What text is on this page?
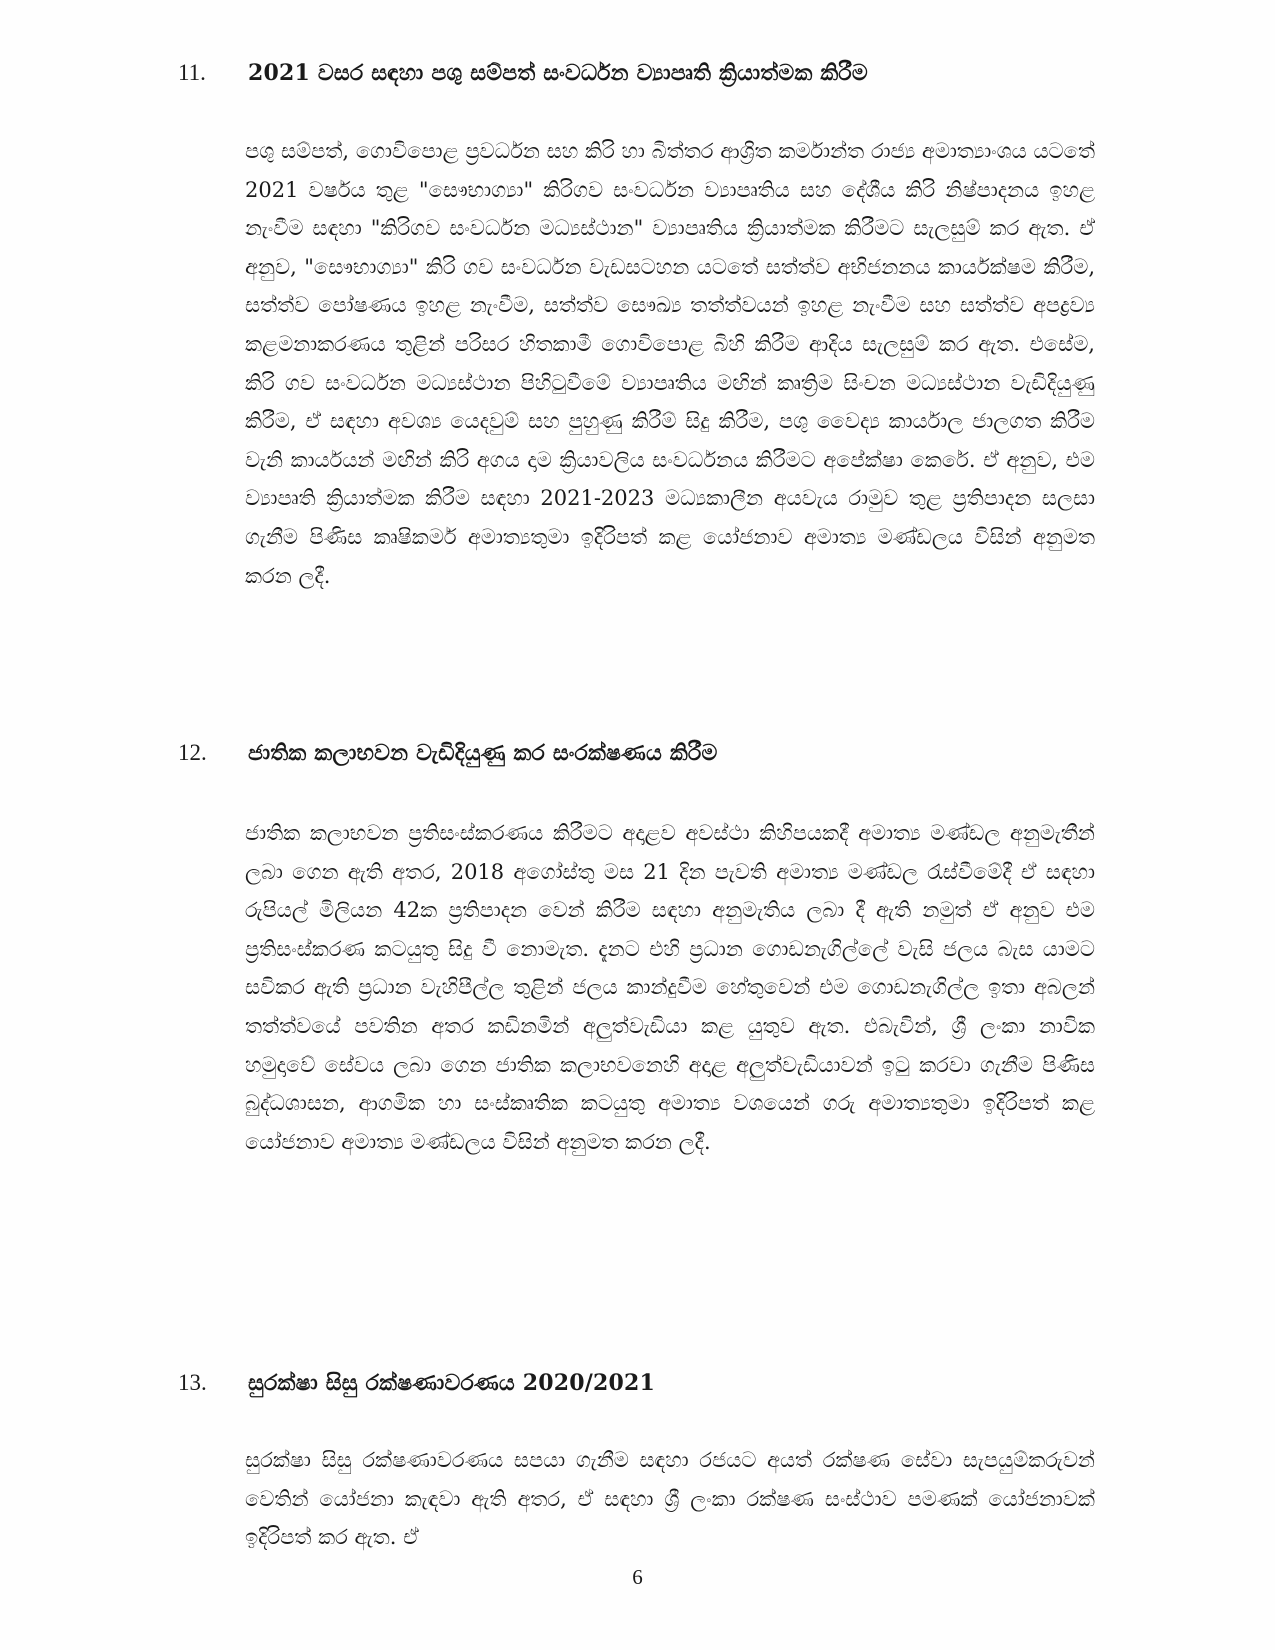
11.	2021 වසර සඳහා පශු සම්පත් සංවර්ධන ව්‍යාපෘති ක්‍රියාත්මක කිරීම

පශු සම්පත්, ගොවිපොළ ප්‍රවර්ධන සහ කිරි හා බිත්තර ආශ්‍රිත කර්මාන්ත රාජ්‍ය අමාත්‍යාංශය යටතේ 2021 වර්ෂය තුළ "සෞභාග්‍යා" කිරිගව සංවර්ධන ව්‍යාපෘතිය සහ දේශීය කිරි නිෂ්පාදනය ඉහළ නැංවීම සඳහා "කිරිගව සංවර්ධන මධ්‍යස්ථාන" ව්‍යාපෘතිය ක්‍රියාත්මක කිරීමට සැලසුම් කර ඇත. ඒ අනුව, "සෞභාග්‍යා" කිරි ගව සංවර්ධන වැඩසටහන යටතේ සත්ත්ව අභිජනනය කාර්යක්ෂම කිරීම, සත්ත්ව පෝෂණය ඉහළ නැංවීම, සත්ත්ව සෞඛ්‍ය තත්ත්වයන් ඉහළ නැංවීම සහ සත්ත්ව අපද්‍රව්‍ය කළමනාකරණය තුළින් පරිසර හිතකාමී ගොවිපොළ බිහි කිරීම ආදිය සැලසුම් කර ඇත. එසේම, කිරි ගව සංවර්ධන මධ්‍යස්ථාන පිහිටුවීමේ ව්‍යාපෘතිය මඟින් කෘත්‍රිම සිංචන මධ්‍යස්ථාන වැඩිදියුණු කිරීම, ඒ සඳහා අවශ්‍ය යෙදවුම් සහ පුහුණු කිරීම් සිදු කිරීම, පශු වෛද්‍ය කාර්යාල ජාලගත කිරීම වැනි කාර්යයන් මඟින් කිරි අගය දාම ක්‍රියාවලිය සංවර්ධනය කිරීමට අපේක්ෂා කෙරේ. ඒ අනුව, එම ව්‍යාපෘති ක්‍රියාත්මක කිරීම සඳහා 2021-2023 මධ්‍යකාලීන අයවැය රාමුව තුළ ප්‍රතිපාදන සලසා ගැනීම පිණිස කෘෂිකර්ම අමාත්‍යතුමා ඉදිරිපත් කළ යෝජනාව අමාත්‍ය මණ්ඩලය විසින් අනුමත කරන ලදී.

12.	ජාතික කලාභවන වැඩිදියුණු කර සංරක්ෂණය කිරීම

ජාතික කලාභවන ප්‍රතිසංස්කරණය කිරීමට අදාළව අවස්ථා කිහිපයකදී අමාත්‍ය මණ්ඩල අනුමැතීන් ලබා ගෙන ඇති අතර, 2018 අගෝස්තු මස 21 දින පැවති අමාත්‍ය මණ්ඩල රැස්වීමේදී ඒ සඳහා රුපියල් මිලියන 42ක ප්‍රතිපාදන වෙන් කිරීම සඳහා අනුමැතිය ලබා දී ඇති නමුත් ඒ අනුව එම ප්‍රතිසංස්කරණ කටයුතු සිදු වී නොමැත. දැනට එහි ප්‍රධාන ගොඩනැගිල්ලේ වැසි ජලය බැස යාමට සවිකර ඇති ප්‍රධාන වැහිපීල්ල තුළින් ජලය කාන්දුවීම හේතුවෙන් එම ගොඩනැගිල්ල ඉතා අබලන් තත්ත්වයේ පවතින අතර කඩිනමින් අලුත්වැඩියා කළ යුතුව ඇත. එබැවින්, ශ්‍රී ලංකා නාවික හමුදාවේ සේවය ලබා ගෙන ජාතික කලාභවනෙහි අදාළ අලුත්වැඩියාවන් ඉටු කරවා ගැනීම පිණිස බුද්ධශාසන, ආගමික හා සංස්කෘතික කටයුතු අමාත්‍ය වශයෙන් ගරු අමාත්‍යතුමා ඉදිරිපත් කළ යෝජනාව අමාත්‍ය මණ්ඩලය විසින් අනුමත කරන ලදී.

13.	සුරක්ෂා සිසු රක්ෂණාවරණය 2020/2021

සුරක්ෂා සිසු රක්ෂණාවරණය සපයා ගැනීම සඳහා රජයට අයත් රක්ෂණ සේවා සැපයුම්කරුවන් වෙතින් යෝජනා කැඳවා ඇති අතර, ඒ සඳහා ශ්‍රී ලංකා රක්ෂණ සංස්ථාව පමණක් යෝජනාවක් ඉදිරිපත් කර ඇත. ඒ

6
